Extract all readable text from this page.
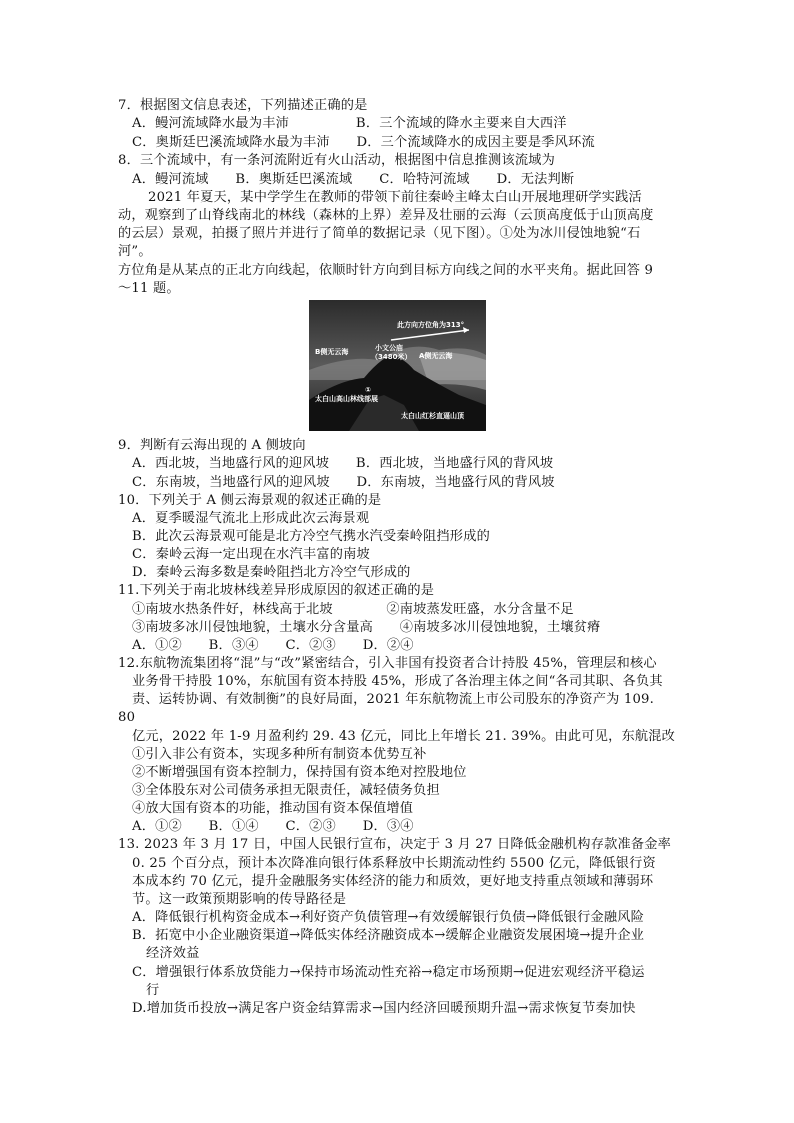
7．根据图文信息表述，下列描述正确的是
A．鳗河流域降水最为丰沛　　　　　B．三个流域的降水主要来自大西洋
C．奥斯廷巴溪流域降水最为丰沛　　D．三个流域降水的成因主要是季风环流
8．三个流域中，有一条河流附近有火山活动，根据图中信息推测该流域为
A．鳗河流域　　B．奥斯廷巴溪流域　　C．哈特河流域　　D．无法判断
2021 年夏天，某中学学生在教师的带领下前往秦岭主峰太白山开展地理研学实践活
动，观察到了山脊线南北的林线（森林的上界）差异及壮丽的云海（云顶高度低于山顶高度
的云层）景观，拍摄了照片并进行了简单的数据记录（见下图）。①处为冰川侵蚀地貌“石
河”。
方位角是从某点的正北方向线起，依顺时针方向到目标方向线之间的水平夹角。据此回答 9
～11 题。
此方向方位角为313°
B侧无云海	小文公庙
（3480米） A侧无云海
①
太白山高山林线部展
太白山红杉直逼山顶
9．判断有云海出现的 A 侧坡向
A．西北坡，当地盛行风的迎风坡　　B．西北坡，当地盛行风的背风坡
C．东南坡，当地盛行风的迎风坡　　D．东南坡，当地盛行风的背风坡
10．下列关于 A 侧云海景观的叙述正确的是
A．夏季暖湿气流北上形成此次云海景观
B．此次云海景观可能是北方冷空气携水汽受秦岭阻挡形成的
C．秦岭云海一定出现在水汽丰富的南坡
D．秦岭云海多数是秦岭阻挡北方冷空气形成的
11.下列关于南北坡林线差异形成原因的叙述正确的是
①南坡水热条件好，林线高于北坡　　　　②南坡蒸发旺盛，水分含量不足
③南坡多冰川侵蚀地貌，土壤水分含量高　　④南坡多冰川侵蚀地貌，土壤贫瘠
A．①②　　B．③④　　C．②③　　D．②④
12.东航物流集团将“混”与“改”紧密结合，引入非国有投资者合计持股 45%，管理层和核心
业务骨干持股 10%，东航国有资本持股 45%，形成了各治理主体之间“各司其职、各负其
责、运转协调、有效制衡”的良好局面，2021 年东航物流上市公司股东的净资产为 109.
80
亿元，2022 年 1-9 月盈利约 29. 43 亿元，同比上年增长 21. 39%。由此可见，东航混改
①引入非公有资本，实现多种所有制资本优势互补
②不断增强国有资本控制力，保持国有资本绝对控股地位
③全体股东对公司债务承担无限责任，减轻债务负担
④放大国有资本的功能，推动国有资本保值增值
A．①②　　B．①④　　C．②③　　D．③④
13. 2023 年 3 月 17 日，中国人民银行宣布，决定于 3 月 27 日降低金融机构存款准备金率
0. 25 个百分点，预计本次降准向银行体系释放中长期流动性约 5500 亿元，降低银行资
本成本约 70 亿元，提升金融服务实体经济的能力和质效，更好地支持重点领域和薄弱环
节。这一政策预期影响的传导路径是
A．降低银行机构资金成本→利好资产负债管理→有效缓解银行负债→降低银行金融风险
B．拓宽中小企业融资渠道→降低实体经济融资成本→缓解企业融资发展困境→提升企业
经济效益
C．增强银行体系放贷能力→保持市场流动性充裕→稳定市场预期→促进宏观经济平稳运
行
D.增加货币投放→满足客户资金结算需求→国内经济回暖预期升温→需求恢复节奏加快
